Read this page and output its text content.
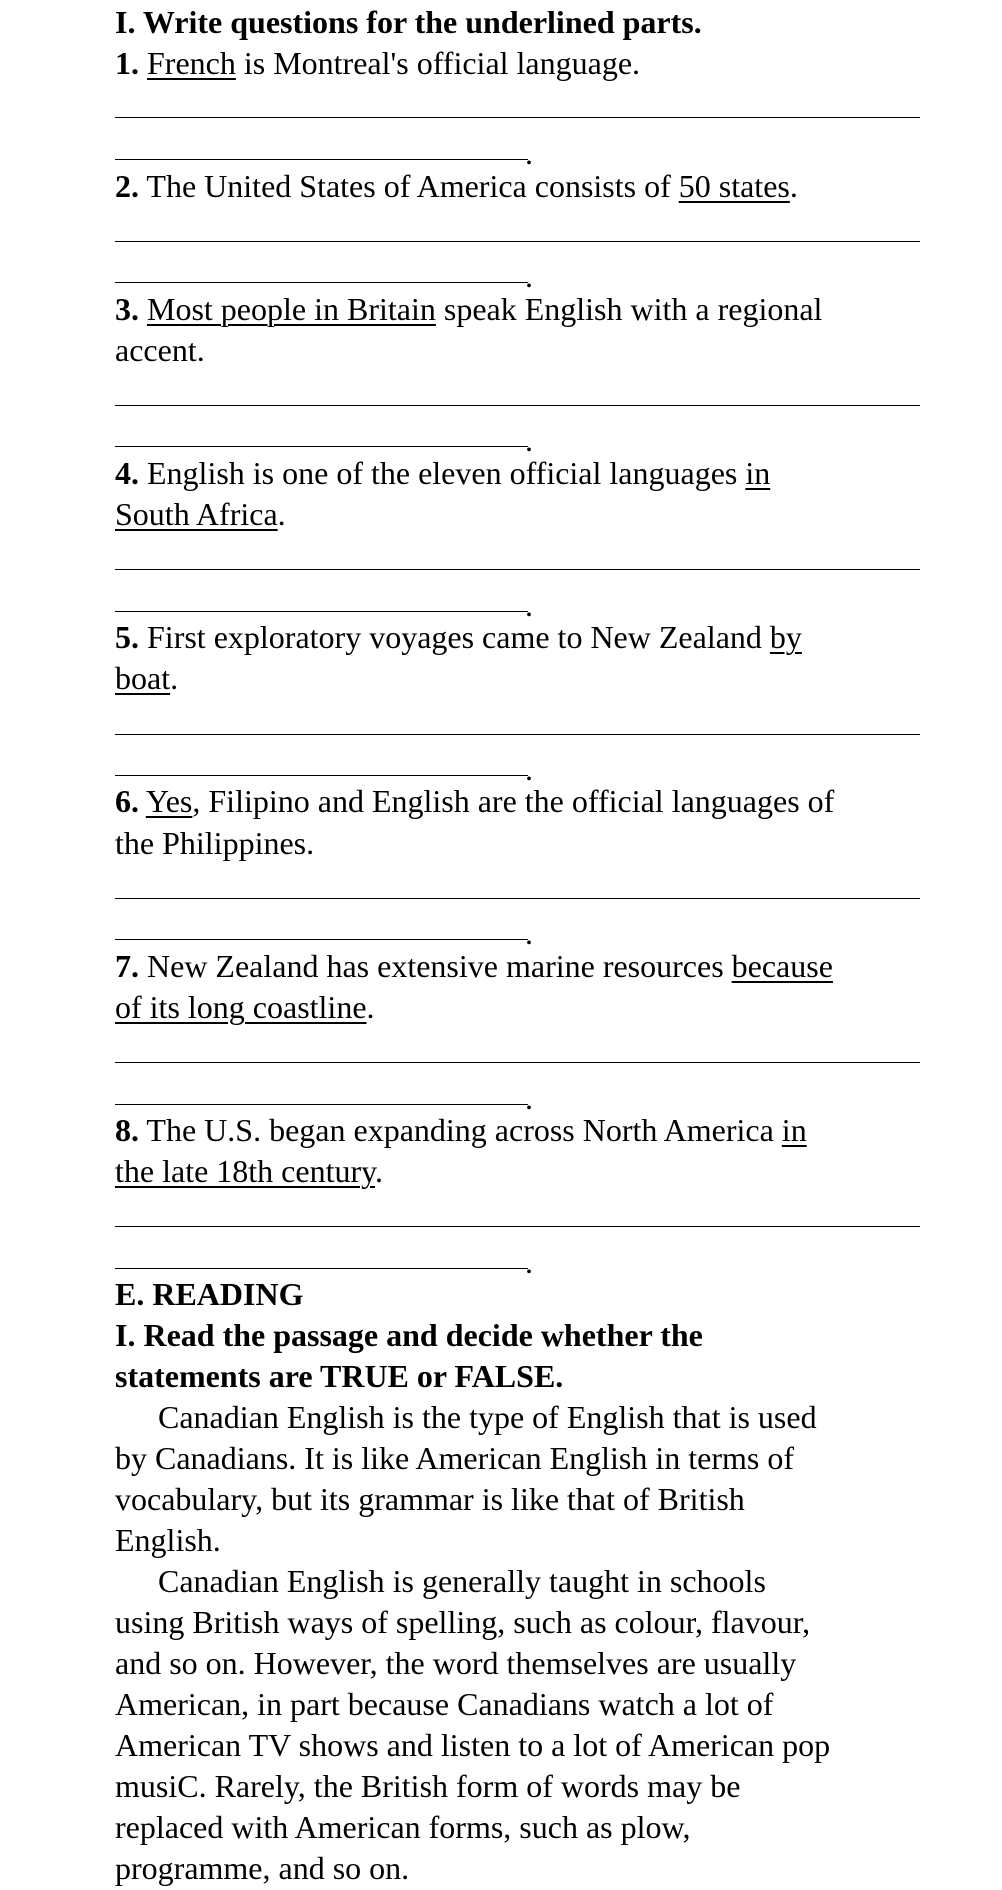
I. Write questions for the underlined parts.
1. French is Montreal's official language.
.
2. The United States of America consists of 50 states.
.
3. Most people in Britain speak English with a regional
accent.
.
4. English is one of the eleven official languages in
South Africa.
.
5. First exploratory voyages came to New Zealand by
boat.
.
6. Yes, Filipino and English are the official languages of
the Philippines.
.
7. New Zealand has extensive marine resources because
of its long coastline.
.
8. The U.S. began expanding across North America in
the late 18th century.
.
E. READING
I. Read the passage and decide whether the
statements are TRUE or FALSE.
Canadian English is the type of English that is used
by Canadians. It is like American English in terms of
vocabulary, but its grammar is like that of British
English.
Canadian English is generally taught in schools
using British ways of spelling, such as colour, flavour,
and so on. However, the word themselves are usually
American, in part because Canadians watch a lot of
American TV shows and listen to a lot of American pop
musiC. Rarely, the British form of words may be
replaced with American forms, such as plow,
programme, and so on.
